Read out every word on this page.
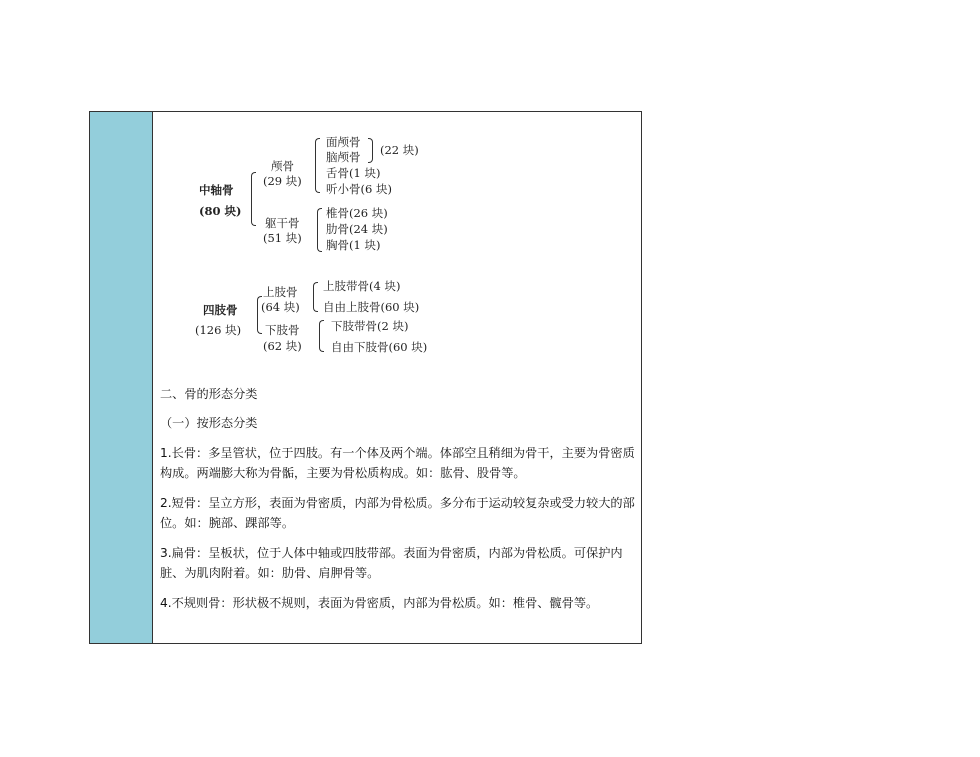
中轴骨
(80 块)
颅骨
(29 块)
面颅骨
脑颅骨 (22 块)
舌骨(1 块)
听小骨(6 块)
躯干骨
(51 块)
椎骨(26 块)
肋骨(24 块)
胸骨(1 块)
四肢骨
(126 块)
上肢骨
(64 块)
上肢带骨(4 块)
自由上肢骨(60 块)
下肢骨
(62 块)
下肢带骨(2 块)
自由下肢骨(60 块)
二、骨的形态分类
（一）按形态分类
1.长骨：多呈管状，位于四肢。有一个体及两个端。体部空且稍细为骨干，主要为骨密质构成。两端膨大称为骨骺，主要为骨松质构成。如：肱骨、股骨等。
2.短骨：呈立方形，表面为骨密质，内部为骨松质。多分布于运动较复杂或受力较大的部位。如：腕部、踝部等。
3.扁骨：呈板状，位于人体中轴或四肢带部。表面为骨密质，内部为骨松质。可保护内脏、为肌肉附着。如：肋骨、肩胛骨等。
4.不规则骨：形状极不规则，表面为骨密质，内部为骨松质。如：椎骨、髋骨等。
